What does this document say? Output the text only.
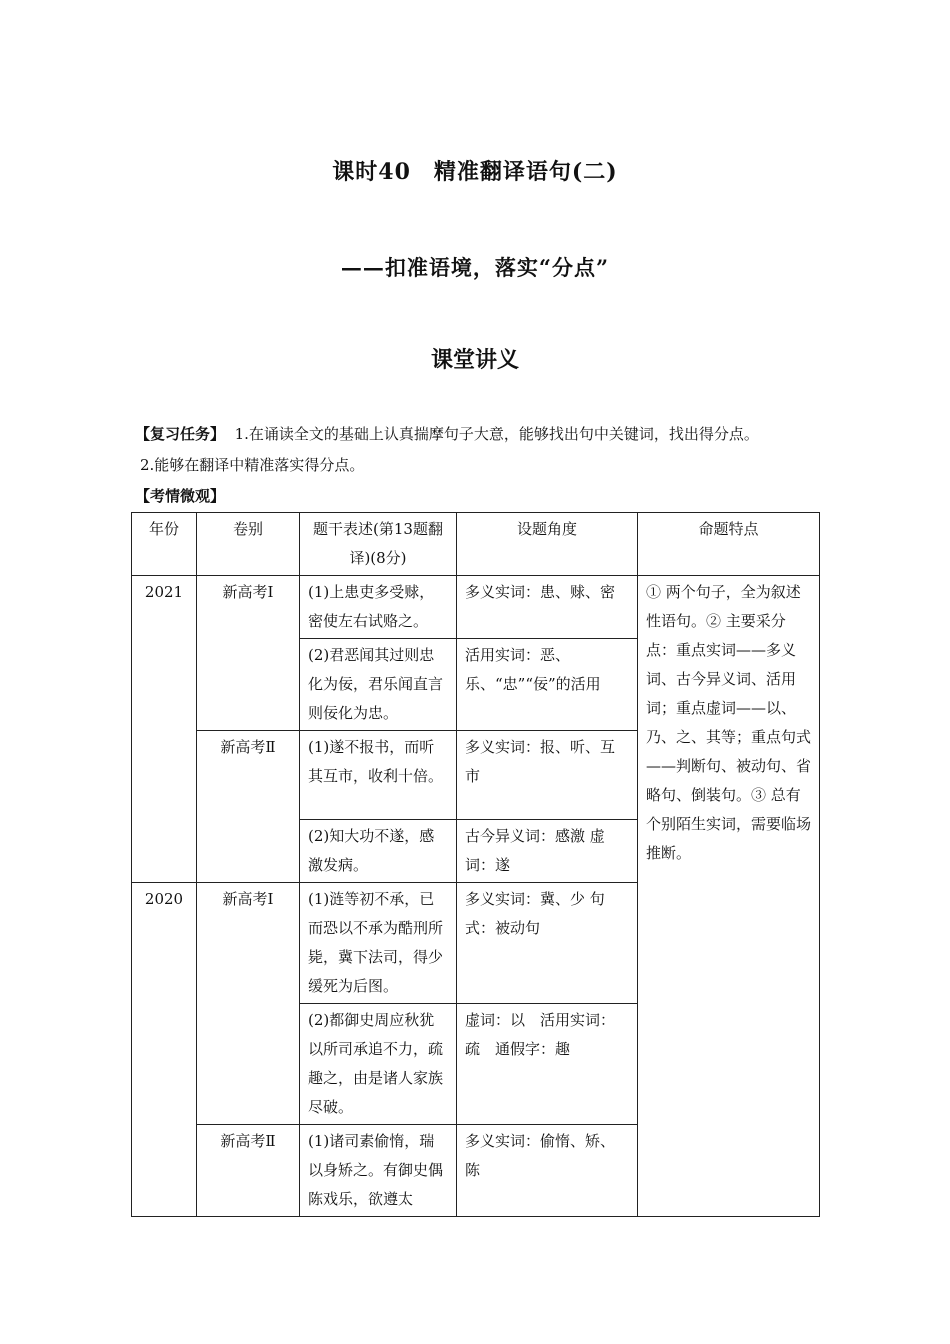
课时40　精准翻译语句(二)
——扣准语境，落实“分点”
课堂讲义
【复习任务】 1.在诵读全文的基础上认真揣摩句子大意，能够找出句中关键词，找出得分点。
2.能够在翻译中精准落实得分点。
【考情微观】
年份	卷别	题干表述(第13题翻译)(8分)	设题角度	命题特点
2021	新高考Ⅰ	(1)上患吏多受赇，密使左右试赂之。	多义实词：患、赇、密	① 两个句子，全为叙述性语句。② 主要采分点：重点实词——多义词、古今异义词、活用词；重点虚词——以、乃、之、其等；重点句式——判断句、被动句、省略句、倒装句。③ 总有个别陌生实词，需要临场推断。
		(2)君恶闻其过则忠化为佞，君乐闻直言则佞化为忠。	活用实词：恶、乐、“忠”“佞”的活用	
	新高考Ⅱ	(1)遂不报书，而听其互市，收利十倍。	多义实词：报、听、互市	
		(2)知大功不遂，感激发病。	古今异义词：感激 虚词：遂	
2020	新高考Ⅰ	(1)涟等初不承，已而恐以不承为酷刑所毙，冀下法司，得少缓死为后图。	多义实词：冀、少 句式：被动句	
		(2)都御史周应秋犹以所司承追不力，疏趣之，由是诸人家族尽破。	虚词：以　活用实词：疏　通假字：趣	
	新高考Ⅱ	(1)诸司素偷惰，瑞以身矫之。有御史偶陈戏乐，欲遵太	多义实词：偷惰、矫、陈	
